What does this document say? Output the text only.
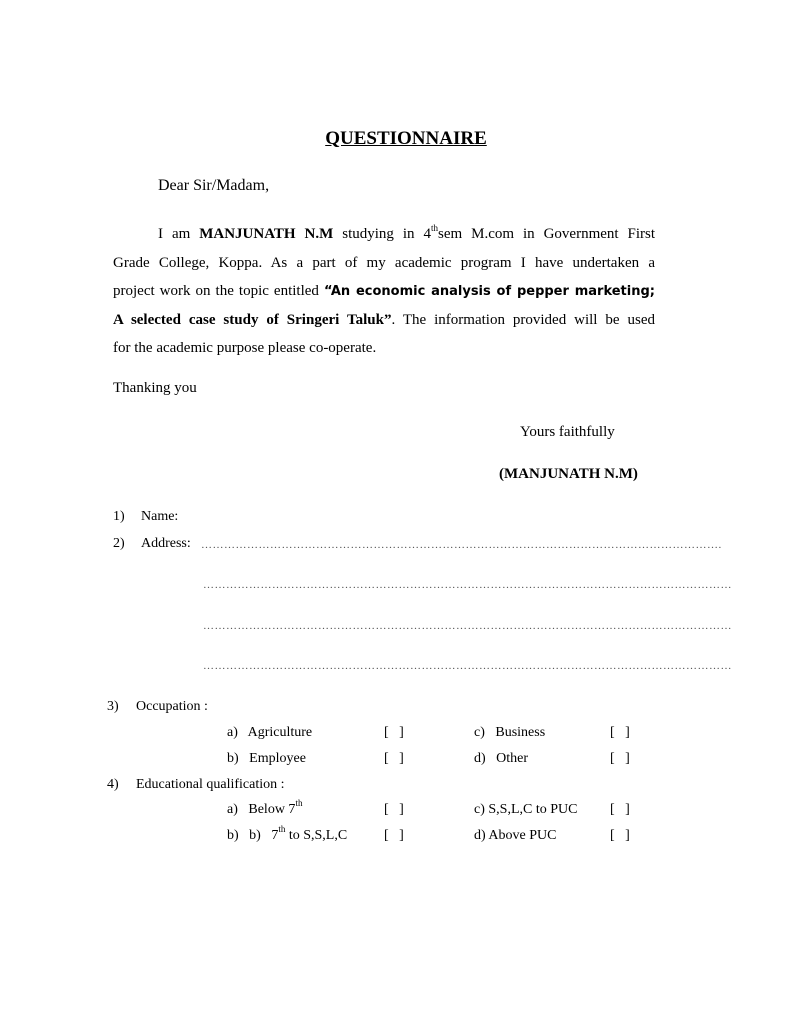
QUESTIONNAIRE
Dear Sir/Madam,
I am MANJUNATH N.M studying in 4thsem M.com in Government First
Grade College, Koppa. As a part of my academic program I have undertaken a
project work on the topic entitled “An economic analysis of pepper marketing;
A selected case study of Sringeri Taluk”. The information provided will be used
for the academic purpose please co-operate.
Thanking you
Yours faithfully
(MANJUNATH N.M)
1) Name:
2) Address: ……………………………………………………………………………………………………………………….
…………………………………………………………………………………………………………………………
…………………………………………………………………………………………………………………………
…………………………………………………………………………………………………………………………
3) Occupation :
a)   Agriculture	[   ]	c)   Business	[   ]
b)   Employee	[   ]	d)   Other	[   ]
4) Educational qualification :
a)   Below 7th	[   ]	c) S,S,L,C to PUC [   ]
b)   b)   7th to S,S,L,C	[   ]	d) Above PUC	[   ]
